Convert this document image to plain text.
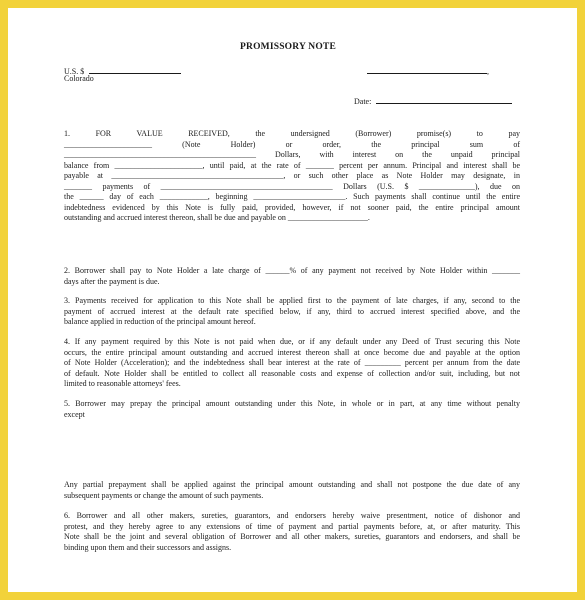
PROMISSORY NOTE
U.S. $
Colorado
,
Date:
1. FOR VALUE RECEIVED, the undersigned (Borrower) promise(s) to pay
______________________ (Note Holder) or order, the principal sum of
________________________________________________ Dollars, with interest on the unpaid principal
balance from ______________________, until paid, at the rate of _______ percent per annum. Principal and interest shall be
payable at ___________________________________________, or such other place as Note Holder may designate, in
_______ payments of ___________________________________________ Dollars (U.S. $ ______________), due on
the ______ day of each ____________, beginning _______________________. Such payments shall continue until the entire
indebtedness evidenced by this Note is fully paid, provided, however, if not sooner paid, the entire principal amount
outstanding and accrued interest thereon, shall be due and payable on ____________________.
2. Borrower shall pay to Note Holder a late charge of ______% of any payment not received by Note Holder within _______
days after the payment is due.
3. Payments received for application to this Note shall be applied first to the payment of late charges, if any, second to the
payment of accrued interest at the default rate specified below, if any, third to accrued interest specified above, and the
balance applied in reduction of the principal amount hereof.
4. If any payment required by this Note is not paid when due, or if any default under any Deed of Trust securing this Note
occurs, the entire principal amount outstanding and accrued interest thereon shall at once become due and payable at the option
of Note Holder (Acceleration); and the indebtedness shall bear interest at the rate of _________ percent per annum from the date
of default. Note Holder shall be entitled to collect all reasonable costs and expense of collection and/or suit, including, but not
limited to reasonable attorneys' fees.
5. Borrower may prepay the principal amount outstanding under this Note, in whole or in part, at any time without penalty
except
Any partial prepayment shall be applied against the principal amount outstanding and shall not postpone the due date of any
subsequent payments or change the amount of such payments.
6. Borrower and all other makers, sureties, guarantors, and endorsers hereby waive presentment, notice of dishonor and
protest, and they hereby agree to any extensions of time of payment and partial payments before, at, or after maturity. This
Note shall be the joint and several obligation of Borrower and all other makers, sureties, guarantors and endorsers, and shall be
binding upon them and their successors and assigns.
